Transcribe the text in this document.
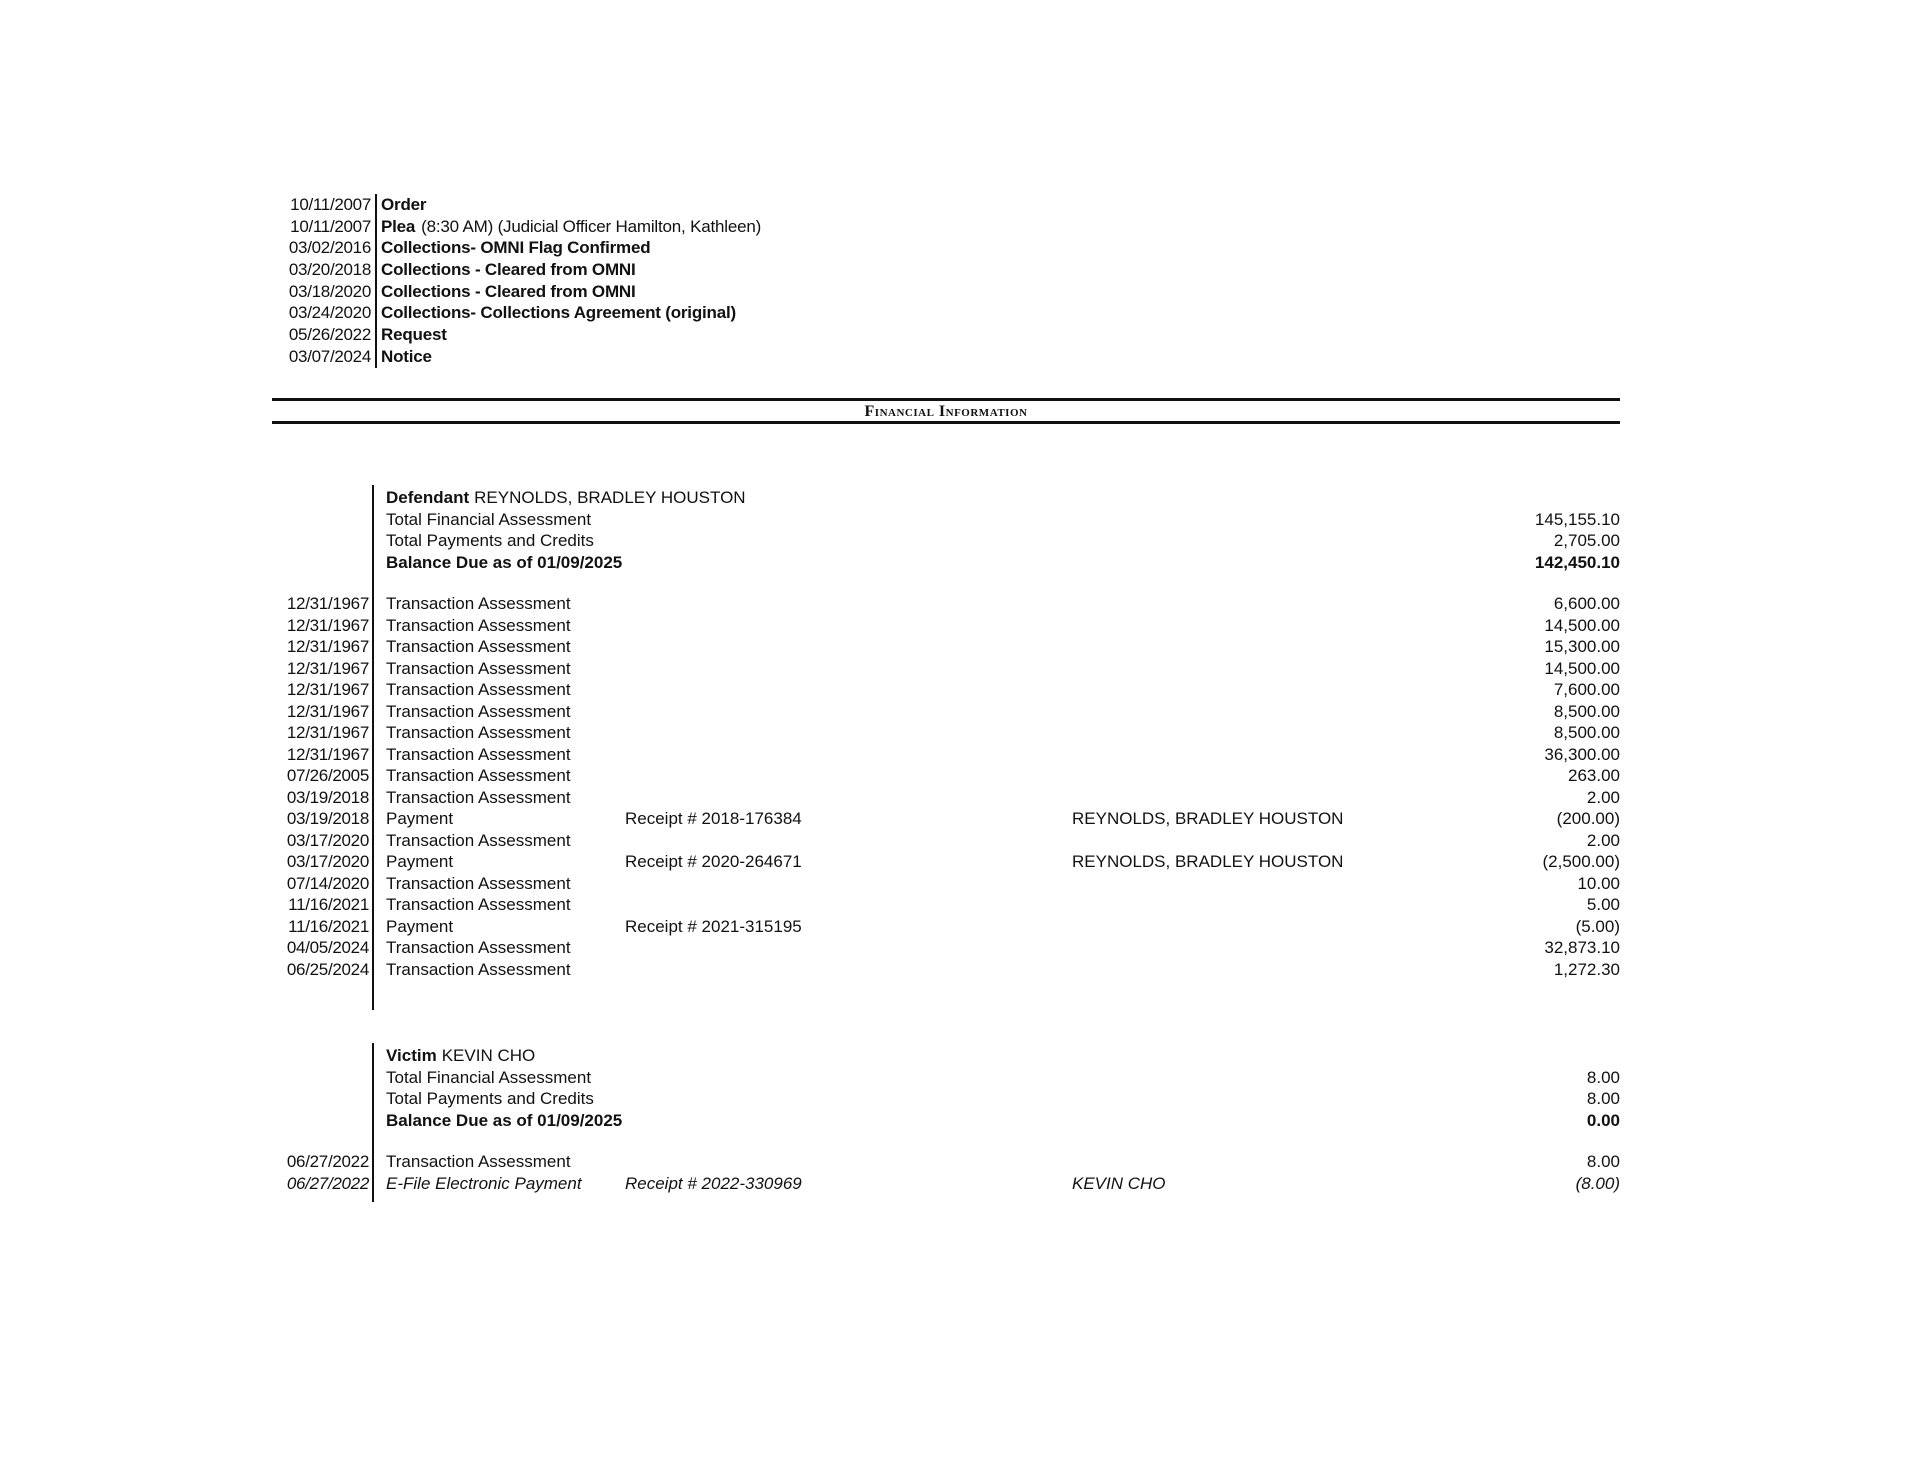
10/11/2007 Order
10/11/2007 Plea (8:30 AM) (Judicial Officer Hamilton, Kathleen)
03/02/2016 Collections- OMNI Flag Confirmed
03/20/2018 Collections - Cleared from OMNI
03/18/2020 Collections - Cleared from OMNI
03/24/2020 Collections- Collections Agreement (original)
05/26/2022 Request
03/07/2024 Notice
Financial Information
Defendant REYNOLDS, BRADLEY HOUSTON
Total Financial Assessment	145,155.10
Total Payments and Credits	2,705.00
Balance Due as of 01/09/2025	142,450.10
12/31/1967 Transaction Assessment	6,600.00
12/31/1967 Transaction Assessment	14,500.00
12/31/1967 Transaction Assessment	15,300.00
12/31/1967 Transaction Assessment	14,500.00
12/31/1967 Transaction Assessment	7,600.00
12/31/1967 Transaction Assessment	8,500.00
12/31/1967 Transaction Assessment	8,500.00
12/31/1967 Transaction Assessment	36,300.00
07/26/2005 Transaction Assessment	263.00
03/19/2018 Transaction Assessment	2.00
03/19/2018 Payment	Receipt # 2018-176384	REYNOLDS, BRADLEY HOUSTON	(200.00)
03/17/2020 Transaction Assessment	2.00
03/17/2020 Payment	Receipt # 2020-264671	REYNOLDS, BRADLEY HOUSTON	(2,500.00)
07/14/2020 Transaction Assessment	10.00
11/16/2021 Transaction Assessment	5.00
11/16/2021 Payment	Receipt # 2021-315195	(5.00)
04/05/2024 Transaction Assessment	32,873.10
06/25/2024 Transaction Assessment	1,272.30
Victim KEVIN CHO
Total Financial Assessment	8.00
Total Payments and Credits	8.00
Balance Due as of 01/09/2025	0.00
06/27/2022 Transaction Assessment	8.00
06/27/2022 E-File Electronic Payment	Receipt # 2022-330969	KEVIN CHO	(8.00)
